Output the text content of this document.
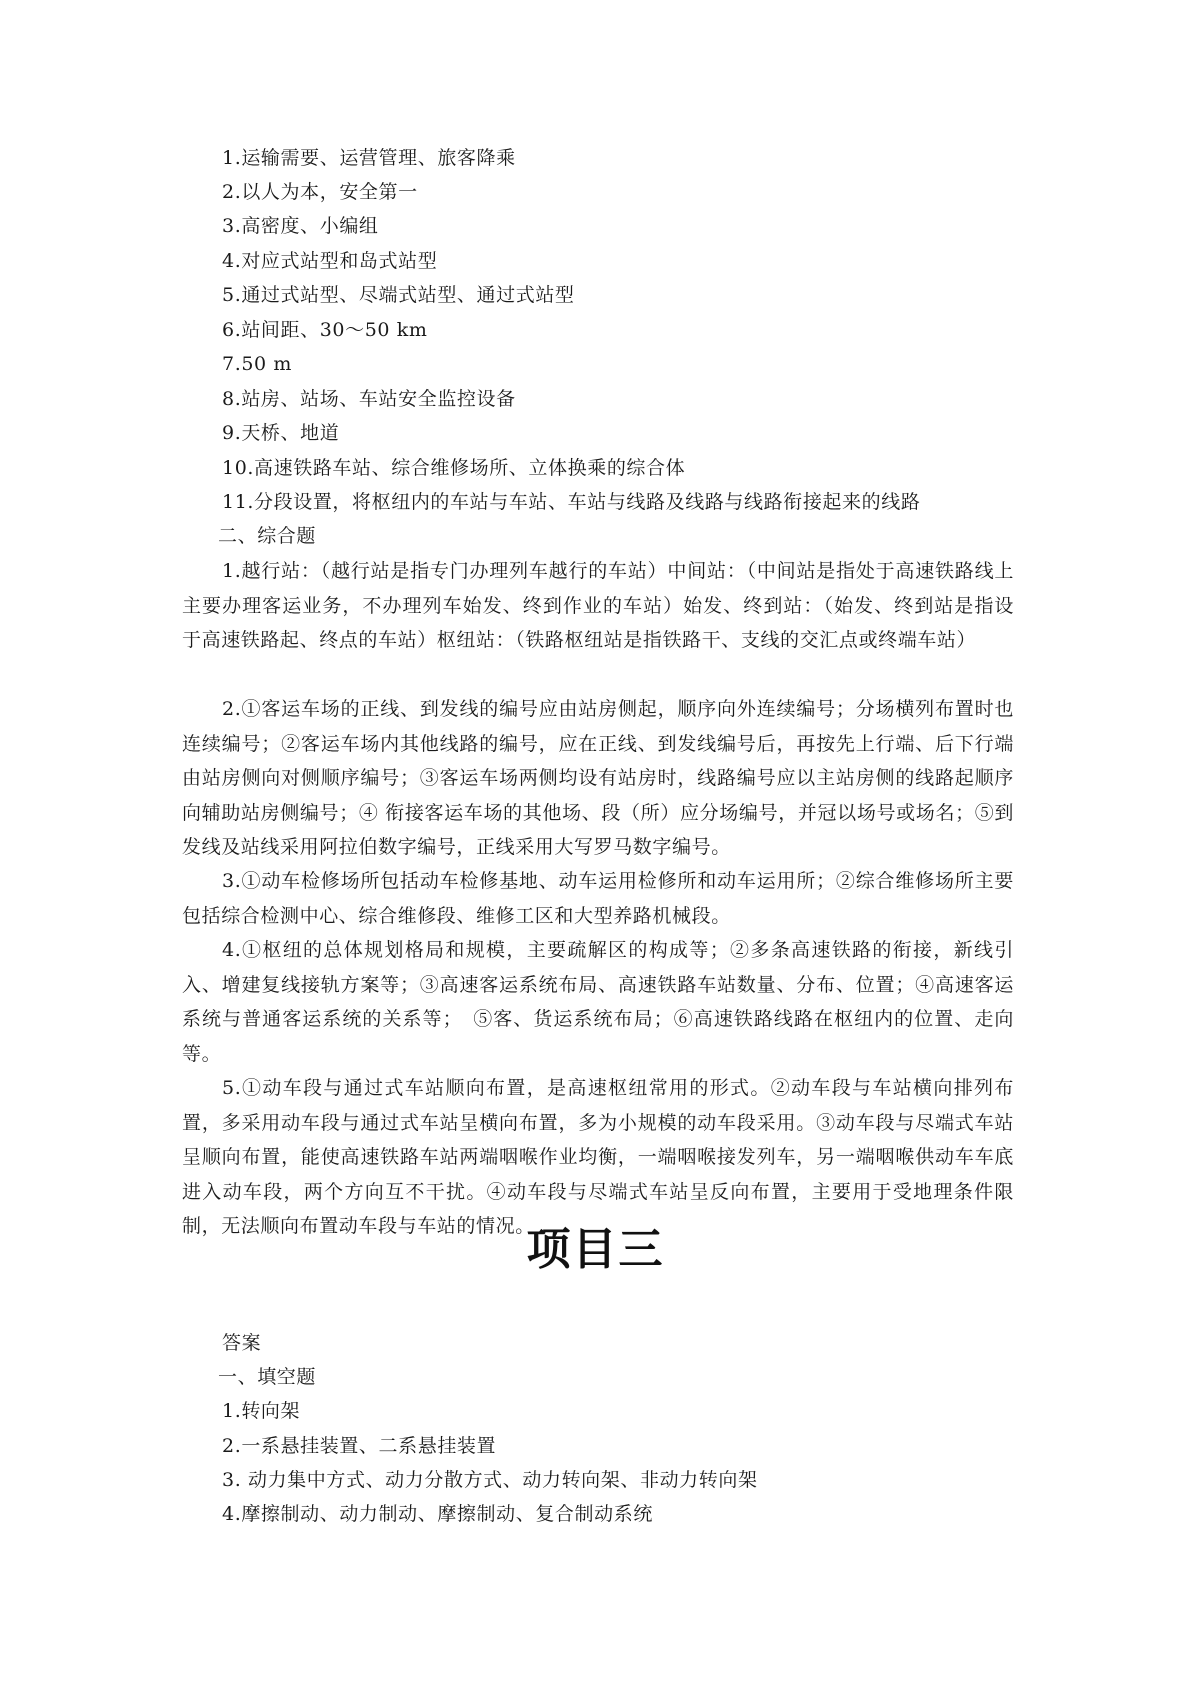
1.运输需要、运营管理、旅客降乘
2.以人为本，安全第一
3.高密度、小编组
4.对应式站型和岛式站型
5.通过式站型、尽端式站型、通过式站型
6.站间距、30～50 km
7.50 m
8.站房、站场、车站安全监控设备
9.天桥、地道
10.高速铁路车站、综合维修场所、立体换乘的综合体
11.分段设置，将枢纽内的车站与车站、车站与线路及线路与线路衔接起来的线路
二、综合题
1.越行站：（越行站是指专门办理列车越行的车站）中间站：（中间站是指处于高速铁路线上主要办理客运业务，不办理列车始发、终到作业的车站）始发、终到站：（始发、终到站是指设于高速铁路起、终点的车站）枢纽站：（铁路枢纽站是指铁路干、支线的交汇点或终端车站）
2.①客运车场的正线、到发线的编号应由站房侧起，顺序向外连续编号；分场横列布置时也连续编号；②客运车场内其他线路的编号，应在正线、到发线编号后，再按先上行端、后下行端由站房侧向对侧顺序编号；③客运车场两侧均设有站房时，线路编号应以主站房侧的线路起顺序向辅助站房侧编号；④ 衔接客运车场的其他场、段（所）应分场编号，并冠以场号或场名；⑤到发线及站线采用阿拉伯数字编号，正线采用大写罗马数字编号。
3.①动车检修场所包括动车检修基地、动车运用检修所和动车运用所；②综合维修场所主要包括综合检测中心、综合维修段、维修工区和大型养路机械段。
4.①枢纽的总体规划格局和规模，主要疏解区的构成等；②多条高速铁路的衔接，新线引入、增建复线接轨方案等；③高速客运系统布局、高速铁路车站数量、分布、位置；④高速客运系统与普通客运系统的关系等；　⑤客、货运系统布局；⑥高速铁路线路在枢纽内的位置、走向等。
5.①动车段与通过式车站顺向布置，是高速枢纽常用的形式。②动车段与车站横向排列布置，多采用动车段与通过式车站呈横向布置，多为小规模的动车段采用。③动车段与尽端式车站呈顺向布置，能使高速铁路车站两端咽喉作业均衡，一端咽喉接发列车，另一端咽喉供动车车底进入动车段，两个方向互不干扰。④动车段与尽端式车站呈反向布置，主要用于受地理条件限制，无法顺向布置动车段与车站的情况。
项目三
答案
一、填空题
1.转向架
2.一系悬挂装置、二系悬挂装置
3. 动力集中方式、动力分散方式、动力转向架、非动力转向架
4.摩擦制动、动力制动、摩擦制动、复合制动系统
